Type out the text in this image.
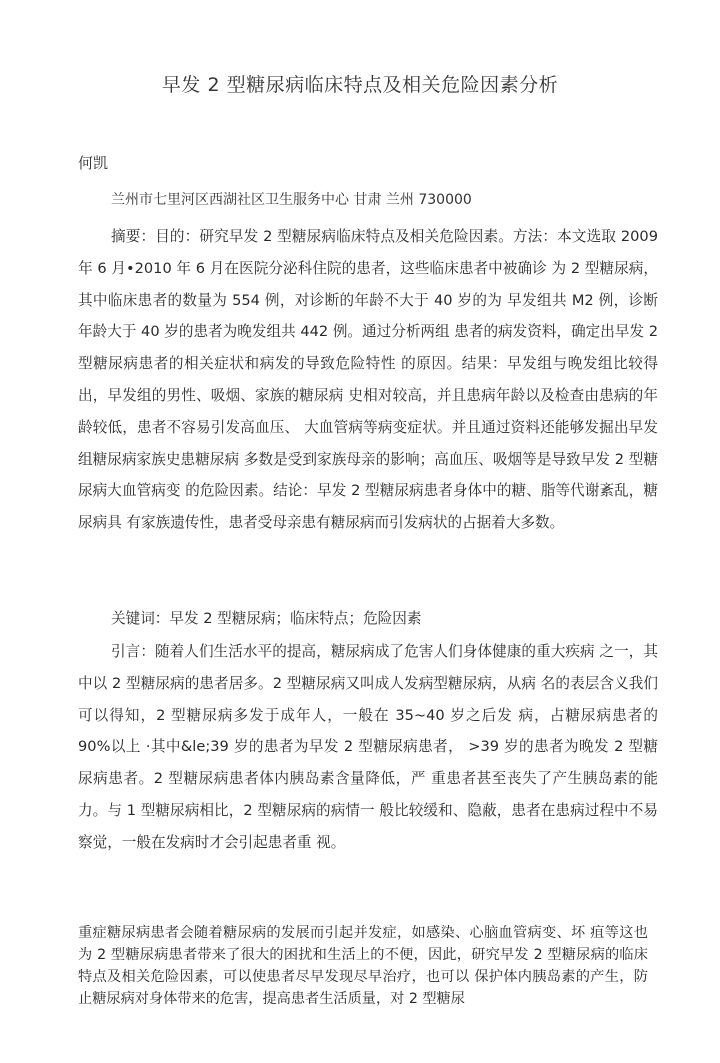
早发 2 型糖尿病临床特点及相关危险因素分析
何凯
兰州市七里河区西湖社区卫生服务中心 甘肃 兰州 730000
摘要：目的：研究早发 2 型糖尿病临床特点及相关危险因素。方法：本文选取 2009 年 6 月•2010 年 6 月在医院分泌科住院的患者，这些临床患者中被确诊 为 2 型糖尿病，其中临床患者的数量为 554 例，对诊断的年龄不大于 40 岁的为 早发组共 M2 例，诊断年龄大于 40 岁的患者为晚发组共 442 例。通过分析两组 患者的病发资料，确定出早发 2 型糖尿病患者的相关症状和病发的导致危险特性 的原因。结果：早发组与晚发组比较得出，早发组的男性、吸烟、家族的糖尿病 史相对较高，并且患病年龄以及检查由患病的年龄较低，患者不容易引发高血压、 大血管病等病变症状。并且通过资料还能够发掘出早发组糖尿病家族史患糖尿病 多数是受到家族母亲的影响；高血压、吸烟等是导致早发 2 型糖尿病大血管病变 的危险因素。结论：早发 2 型糖尿病患者身体中的糖、脂等代谢紊乱，糖尿病具 有家族遗传性，患者受母亲患有糖尿病而引发病状的占据着大多数。
关键词：早发 2 型糖尿病；临床特点；危险因素
引言：随着人们生活水平的提高，糖尿病成了危害人们身体健康的重大疾病 之一，其中以 2 型糖尿病的患者居多。2 型糖尿病又叫成人发病型糖尿病，从病 名的表层含义我们可以得知，2 型糖尿病多发于成年人，一般在 35~40 岁之后发 病，占糖尿病患者的 90%以上 ·其中&le;39 岁的患者为早发 2 型糖尿病患者， >39 岁的患者为晚发 2 型糖尿病患者。2 型糖尿病患者体内胰岛素含量降低，严 重患者甚至丧失了产生胰岛素的能力。与 1 型糖尿病相比，2 型糖尿病的病情一 般比较缓和、隐蔽，患者在患病过程中不易察觉，一般在发病时才会引起患者重 视。
重症糖尿病患者会随着糖尿病的发展而引起并发症，如感染、心脑血管病变、坏 疽等这也为 2 型糖尿病患者带来了很大的困扰和生活上的不便，因此，研究早发 2 型糖尿病的临床特点及相关危险因素，可以使患者尽早发现尽早治疗，也可以 保护体内胰岛素的产生，防止糖尿病对身体带来的危害，提高患者生活质量，对 2 型糖尿
